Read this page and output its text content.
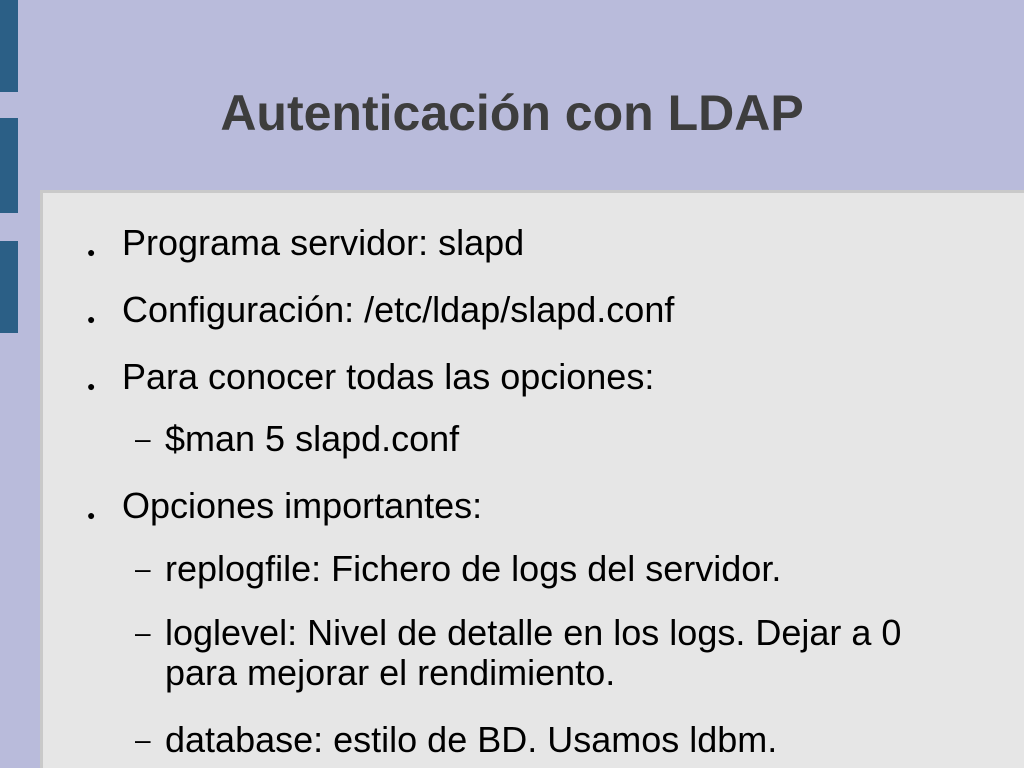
Autenticación con LDAP
● Programa servidor: slapd
● Configuración: /etc/ldap/slapd.conf
● Para conocer todas las opciones:
– $man 5 slapd.conf
● Opciones importantes:
– replogfile: Fichero de logs del servidor.
– loglevel: Nivel de detalle en los logs. Dejar a 0 para mejorar el rendimiento.
– database: estilo de BD. Usamos ldbm.
